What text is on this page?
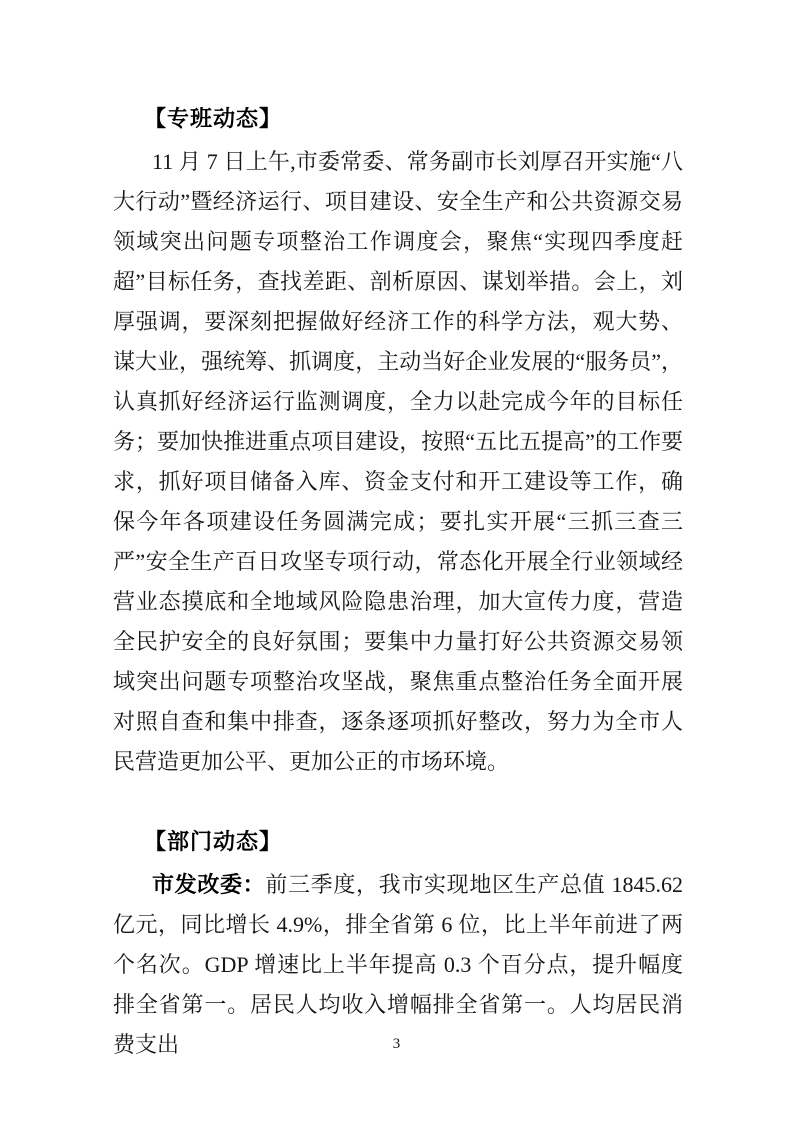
【专班动态】

11 月 7 日上午,市委常委、常务副市长刘厚召开实施“八大行动”暨经济运行、项目建设、安全生产和公共资源交易领域突出问题专项整治工作调度会，聚焦“实现四季度赶超”目标任务，查找差距、剖析原因、谋划举措。会上，刘厚强调，要深刻把握做好经济工作的科学方法，观大势、谋大业，强统筹、抓调度，主动当好企业发展的“服务员”，认真抓好经济运行监测调度，全力以赴完成今年的目标任务；要加快推进重点项目建设，按照“五比五提高”的工作要求，抓好项目储备入库、资金支付和开工建设等工作，确保今年各项建设任务圆满完成；要扎实开展“三抓三查三严”安全生产百日攻坚专项行动，常态化开展全行业领域经营业态摸底和全地域风险隐患治理，加大宣传力度，营造全民护安全的良好氛围；要集中力量打好公共资源交易领域突出问题专项整治攻坚战，聚焦重点整治任务全面开展对照自查和集中排查，逐条逐项抓好整改，努力为全市人民营造更加公平、更加公正的市场环境。

【部门动态】

市发改委：前三季度，我市实现地区生产总值 1845.62 亿元，同比增长 4.9%，排全省第 6 位，比上半年前进了两个名次。GDP 增速比上半年提高 0.3 个百分点，提升幅度排全省第一。居民人均收入增幅排全省第一。人均居民消费支出	3
